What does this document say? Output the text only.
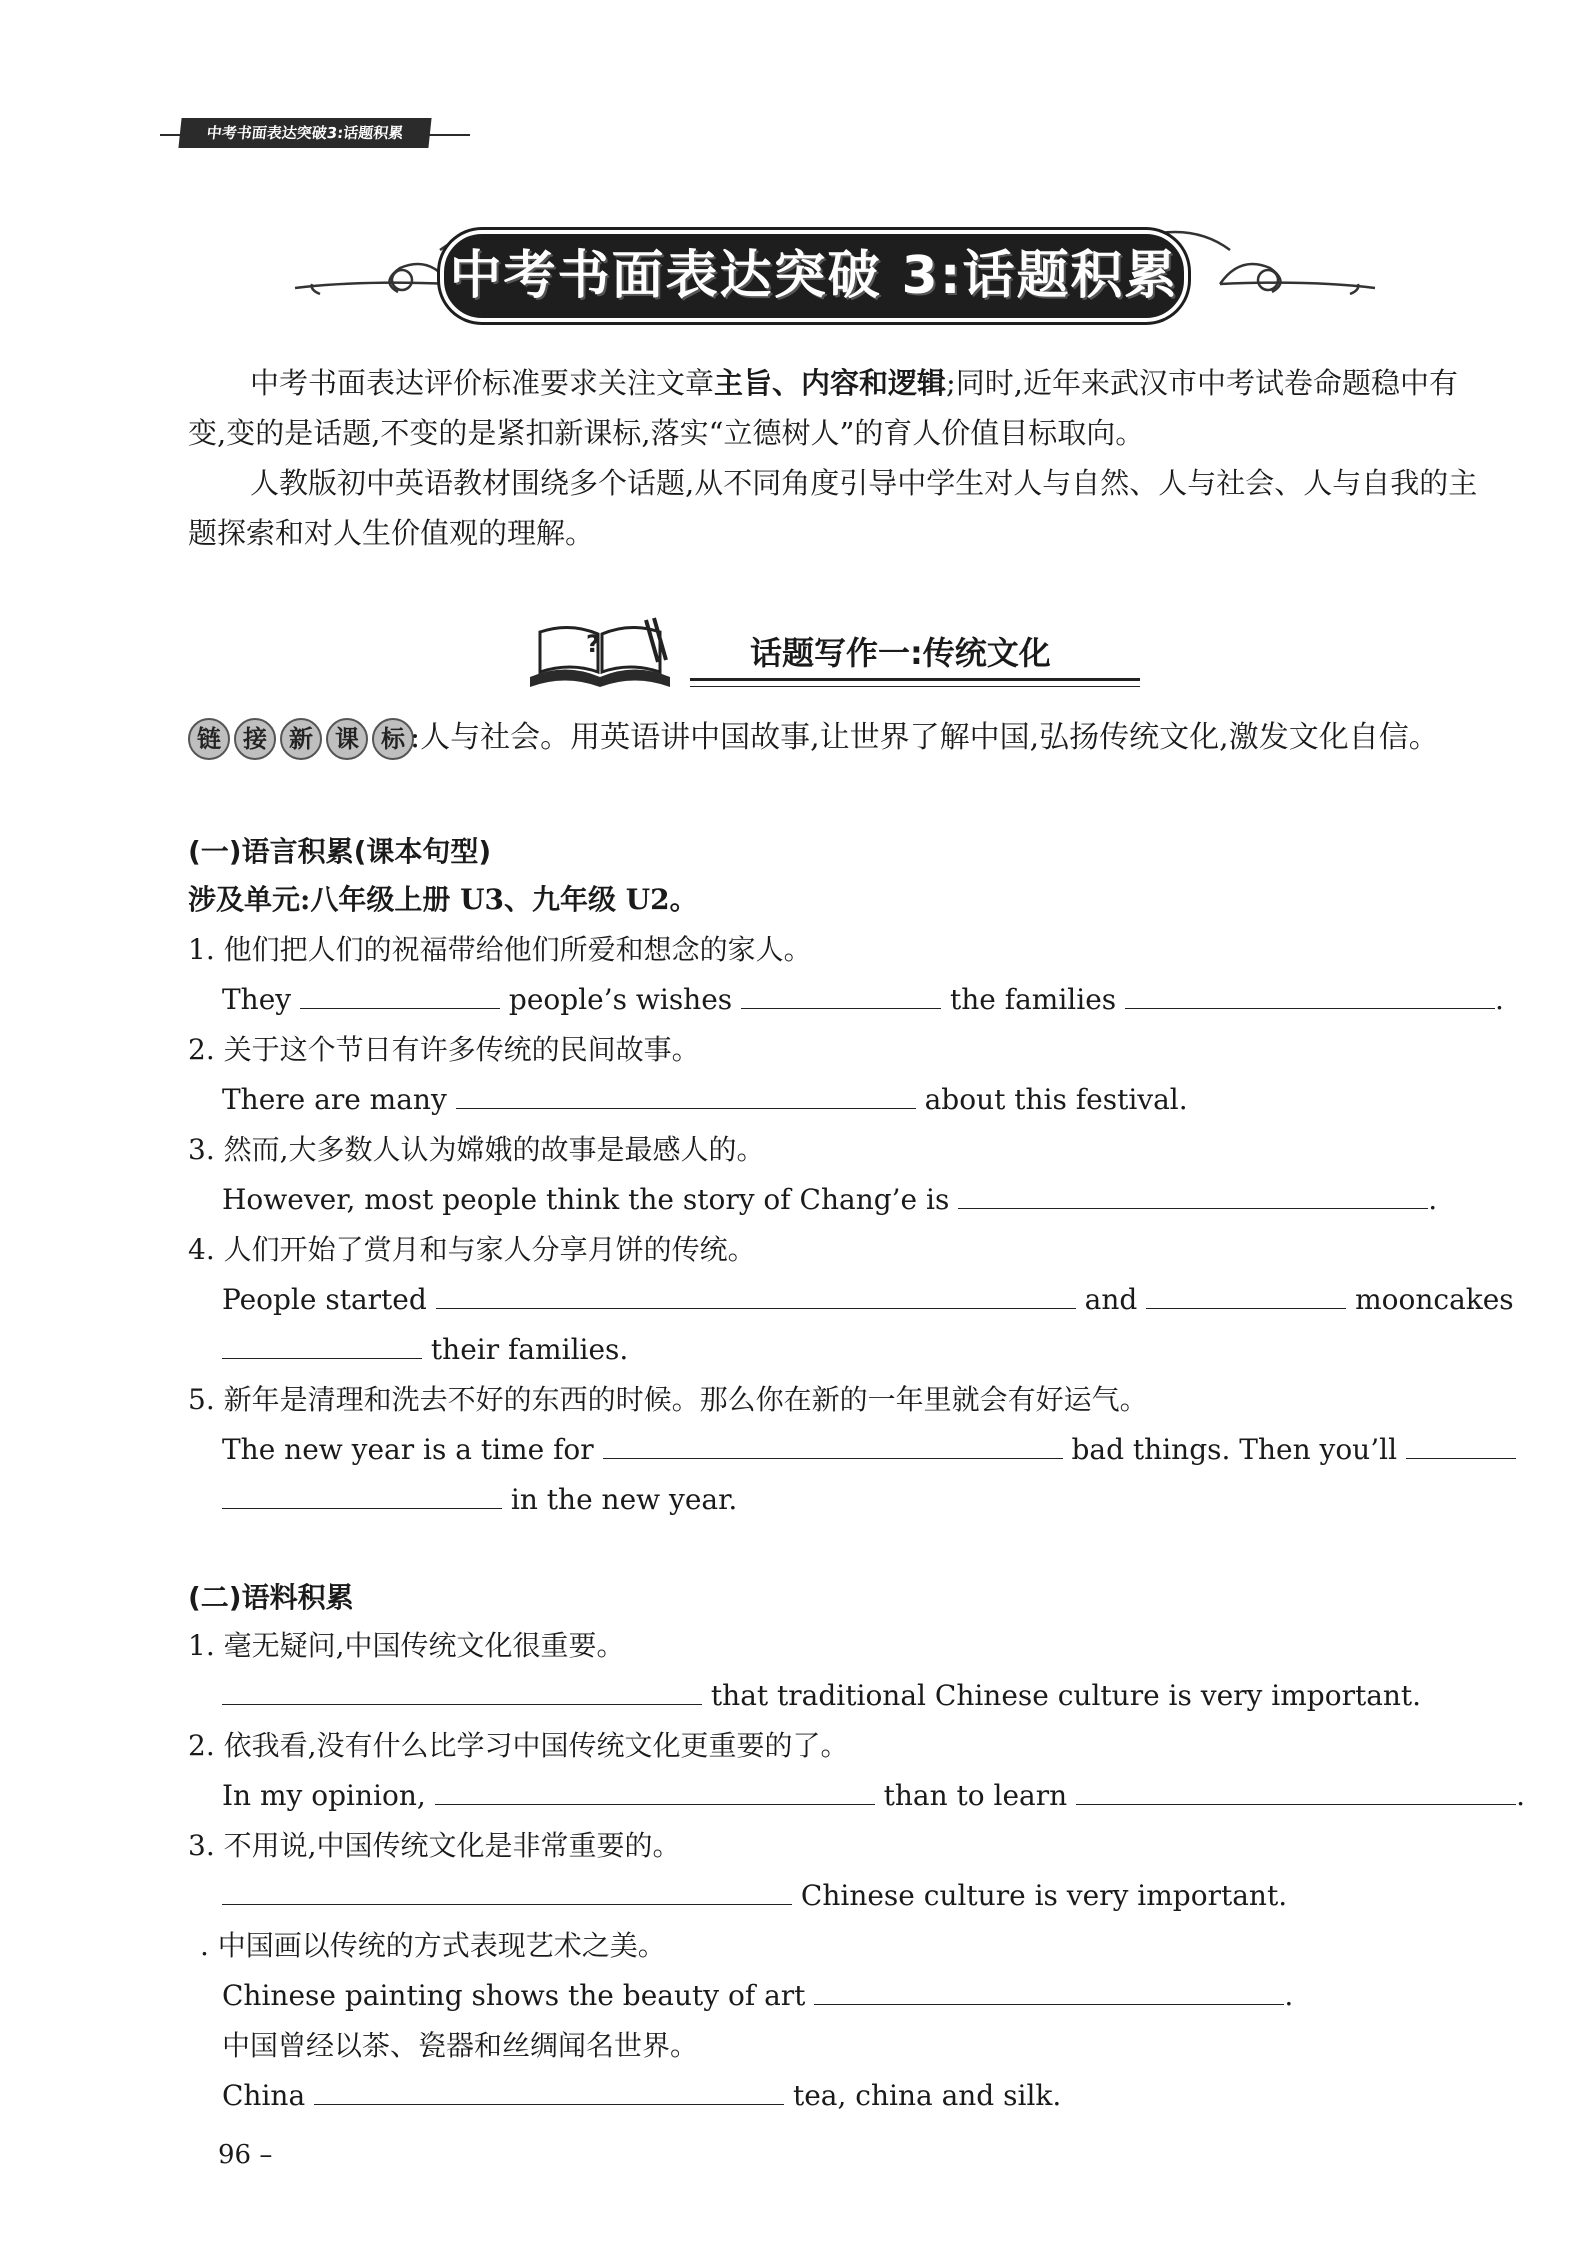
中考书面表达突破3:话题积累
中考书面表达突破 3:话题积累

中考书面表达评价标准要求关注文章主旨、内容和逻辑;同时,近年来武汉市中考试卷命题稳中有变,变的是话题,不变的是紧扣新课标,落实“立德树人”的育人价值目标取向。

人教版初中英语教材围绕多个话题,从不同角度引导中学生对人与自然、人与社会、人与自我的主题探索和对人生价值观的理解。

?	话题写作一:传统文化
链 接 新 课 标 :人与社会。用英语讲中国故事,让世界了解中国,弘扬传统文化,激发文化自信。
(一)语言积累(课本句型)
涉及单元:八年级上册 U3、九年级 U2。
1. 他们把人们的祝福带给他们所爱和想念的家人。
They	people’s wishes	the families	.
2. 关于这个节日有许多传统的民间故事。
There are many	about this festival.
3. 然而,大多数人认为嫦娥的故事是最感人的。
However, most people think the story of Chang’e is	.
4. 人们开始了赏月和与家人分享月饼的传统。
People started	and	mooncakes
their families.
5. 新年是清理和洗去不好的东西的时候。那么你在新的一年里就会有好运气。
The new year is a time for	bad things. Then you’ll
in the new year.
(二)语料积累
1. 毫无疑问,中国传统文化很重要。
that traditional Chinese culture is very important.
2. 依我看,没有什么比学习中国传统文化更重要的了。
In my opinion,	than to learn	.
3. 不用说,中国传统文化是非常重要的。
Chinese culture is very important.
. 中国画以传统的方式表现艺术之美。
Chinese painting shows the beauty of art	.
中国曾经以茶、瓷器和丝绸闻名世界。
China	tea, china and silk.
96 –
